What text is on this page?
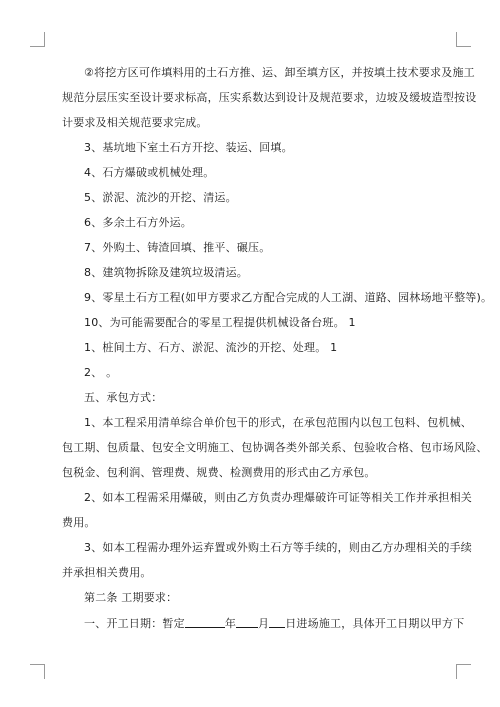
②将挖方区可作填料用的土石方推、运、卸至填方区，并按填土技术要求及施工
规范分层压实至设计要求标高，压实系数达到设计及规范要求，边坡及缓坡造型按设
计要求及相关规范要求完成。
3、基坑地下室土石方开挖、装运、回填。
4、石方爆破或机械处理。
5、淤泥、流沙的开挖、清运。
6、多余土石方外运。
7、外购土、铸渣回填、推平、碾压。
8、建筑物拆除及建筑垃圾清运。
9、零星土石方工程(如甲方要求乙方配合完成的人工湖、道路、园林场地平整等)。
10、为可能需要配合的零星工程提供机械设备台班。 1
1、桩间土方、石方、淤泥、流沙的开挖、处理。 1
2、 。
五、承包方式：
1、本工程采用清单综合单价包干的形式，在承包范围内以包工包料、包机械、
包工期、包质量、包安全文明施工、包协调各类外部关系、包验收合格、包市场风险、
包税金、包利润、管理费、规费、检测费用的形式由乙方承包。
2、如本工程需采用爆破，则由乙方负责办理爆破许可证等相关工作并承担相关
费用。
3、如本工程需办理外运弃置或外购土石方等手续的，则由乙方办理相关的手续
并承担相关费用。
第二条 工期要求：
一、开工日期：暂定	年 月 日进场施工，具体开工日期以甲方下
